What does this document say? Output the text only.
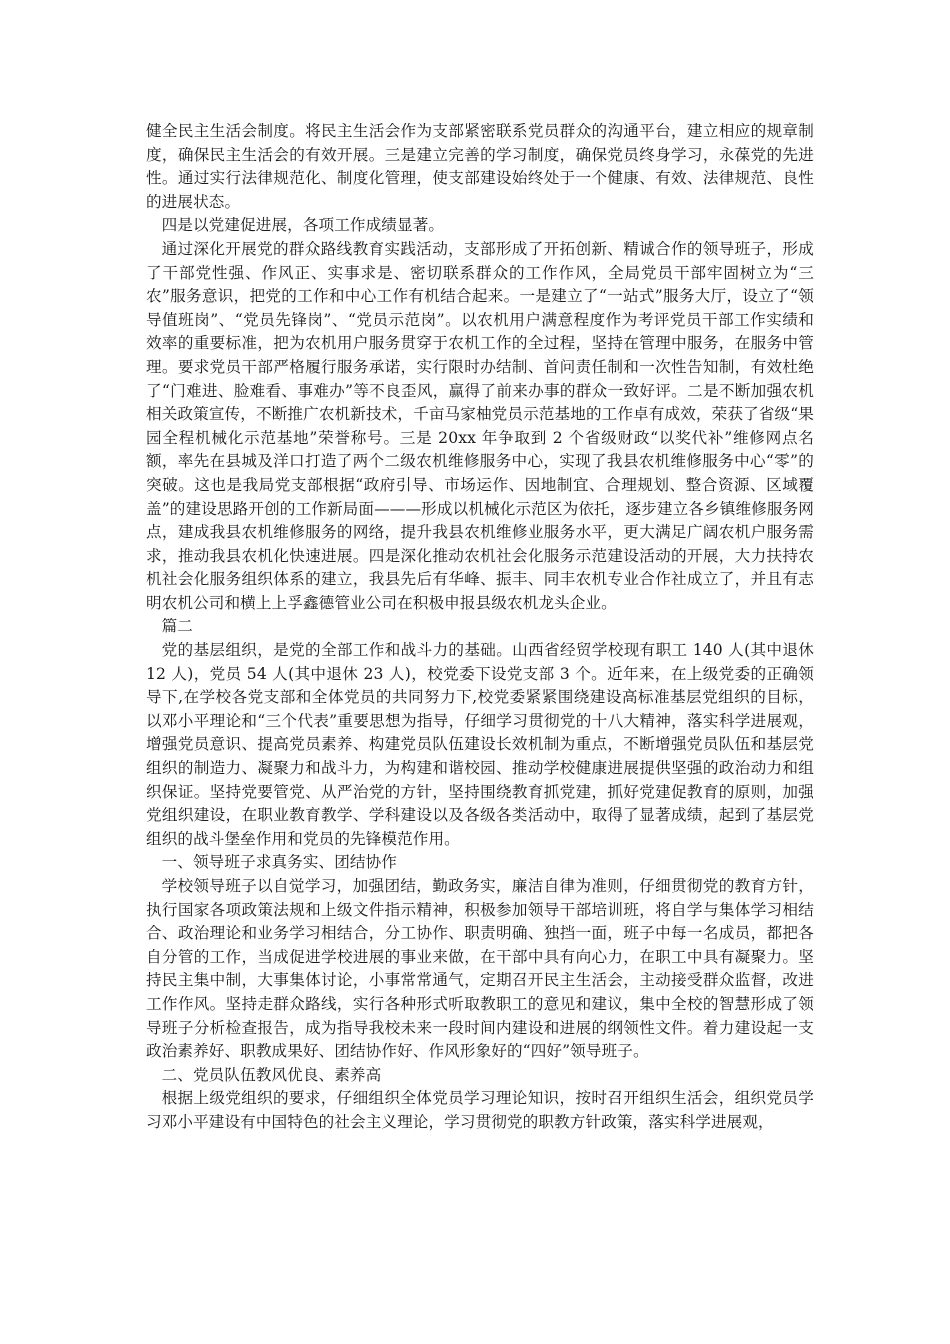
健全民主生活会制度。将民主生活会作为支部紧密联系党员群众的沟通平台，建立相应的规章制度，确保民主生活会的有效开展。三是建立完善的学习制度，确保党员终身学习，永葆党的先进性。通过实行法律规范化、制度化管理，使支部建设始终处于一个健康、有效、法律规范、良性的进展状态。

四是以党建促进展，各项工作成绩显著。

通过深化开展党的群众路线教育实践活动，支部形成了开拓创新、精诚合作的领导班子，形成了干部党性强、作风正、实事求是、密切联系群众的工作作风，全局党员干部牢固树立为“三农”服务意识，把党的工作和中心工作有机结合起来。一是建立了“一站式”服务大厅，设立了“领导值班岗”、“党员先锋岗”、“党员示范岗”。以农机用户满意程度作为考评党员干部工作实绩和效率的重要标准，把为农机用户服务贯穿于农机工作的全过程，坚持在管理中服务，在服务中管理。要求党员干部严格履行服务承诺，实行限时办结制、首问责任制和一次性告知制，有效杜绝了“门难进、脸难看、事难办”等不良歪风，赢得了前来办事的群众一致好评。二是不断加强农机相关政策宣传，不断推广农机新技术，千亩马家柚党员示范基地的工作卓有成效，荣获了省级“果园全程机械化示范基地”荣誉称号。三是 20xx 年争取到 2 个省级财政“以奖代补”维修网点名额，率先在县城及洋口打造了两个二级农机维修服务中心，实现了我县农机维修服务中心“零”的突破。这也是我局党支部根据“政府引导、市场运作、因地制宜、合理规划、整合资源、区域覆盖”的建设思路开创的工作新局面———形成以机械化示范区为依托，逐步建立各乡镇维修服务网点，建成我县农机维修服务的网络，提升我县农机维修业服务水平，更大满足广阔农机户服务需求，推动我县农机化快速进展。四是深化推动农机社会化服务示范建设活动的开展，大力扶持农机社会化服务组织体系的建立，我县先后有华峰、振丰、同丰农机专业合作社成立了，并且有志明农机公司和横上上孚鑫德管业公司在积极申报县级农机龙头企业。

篇二

党的基层组织，是党的全部工作和战斗力的基础。山西省经贸学校现有职工 140 人(其中退休 12 人)，党员 54 人(其中退休 23 人)，校党委下设党支部 3 个。近年来，在上级党委的正确领导下,在学校各党支部和全体党员的共同努力下,校党委紧紧围绕建设高标准基层党组织的目标，以邓小平理论和“三个代表”重要思想为指导，仔细学习贯彻党的十八大精神，落实科学进展观，增强党员意识、提高党员素养、构建党员队伍建设长效机制为重点，不断增强党员队伍和基层党组织的制造力、凝聚力和战斗力，为构建和谐校园、推动学校健康进展提供坚强的政治动力和组织保证。坚持党要管党、从严治党的方针，坚持围绕教育抓党建，抓好党建促教育的原则，加强党组织建设，在职业教育教学、学科建设以及各级各类活动中，取得了显著成绩，起到了基层党组织的战斗堡垒作用和党员的先锋模范作用。

一、领导班子求真务实、团结协作

学校领导班子以自觉学习，加强团结，勤政务实，廉洁自律为准则，仔细贯彻党的教育方针，执行国家各项政策法规和上级文件指示精神，积极参加领导干部培训班，将自学与集体学习相结合、政治理论和业务学习相结合，分工协作、职责明确、独挡一面，班子中每一名成员，都把各自分管的工作，当成促进学校进展的事业来做，在干部中具有向心力，在职工中具有凝聚力。坚持民主集中制，大事集体讨论，小事常常通气，定期召开民主生活会，主动接受群众监督，改进工作作风。坚持走群众路线，实行各种形式听取教职工的意见和建议，集中全校的智慧形成了领导班子分析检查报告，成为指导我校未来一段时间内建设和进展的纲领性文件。着力建设起一支政治素养好、职教成果好、团结协作好、作风形象好的“四好”领导班子。

二、党员队伍教风优良、素养高

根据上级党组织的要求，仔细组织全体党员学习理论知识，按时召开组织生活会，组织党员学习邓小平建设有中国特色的社会主义理论，学习贯彻党的职教方针政策，落实科学进展观，
